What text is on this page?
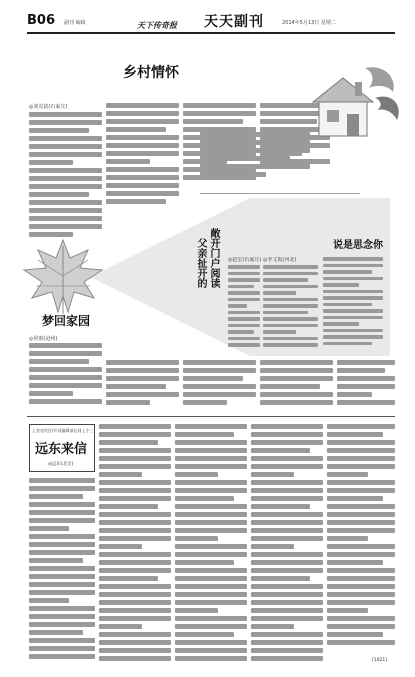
B06 副刊 编辑	天下传奇报	天天副刊	2014年5月13日 星期二
乡村情怀
◎刘克富(石家庄)
说是思念你
◎李文霞(河北)
敞开门户阅读
父亲扯开的	◎赵宏(石家庄)
梦回家园
◎侯雨(沧州)
上官亮坎任/开设编辑部长到上个三
远东来信
◎远东(北京)
[1021]
